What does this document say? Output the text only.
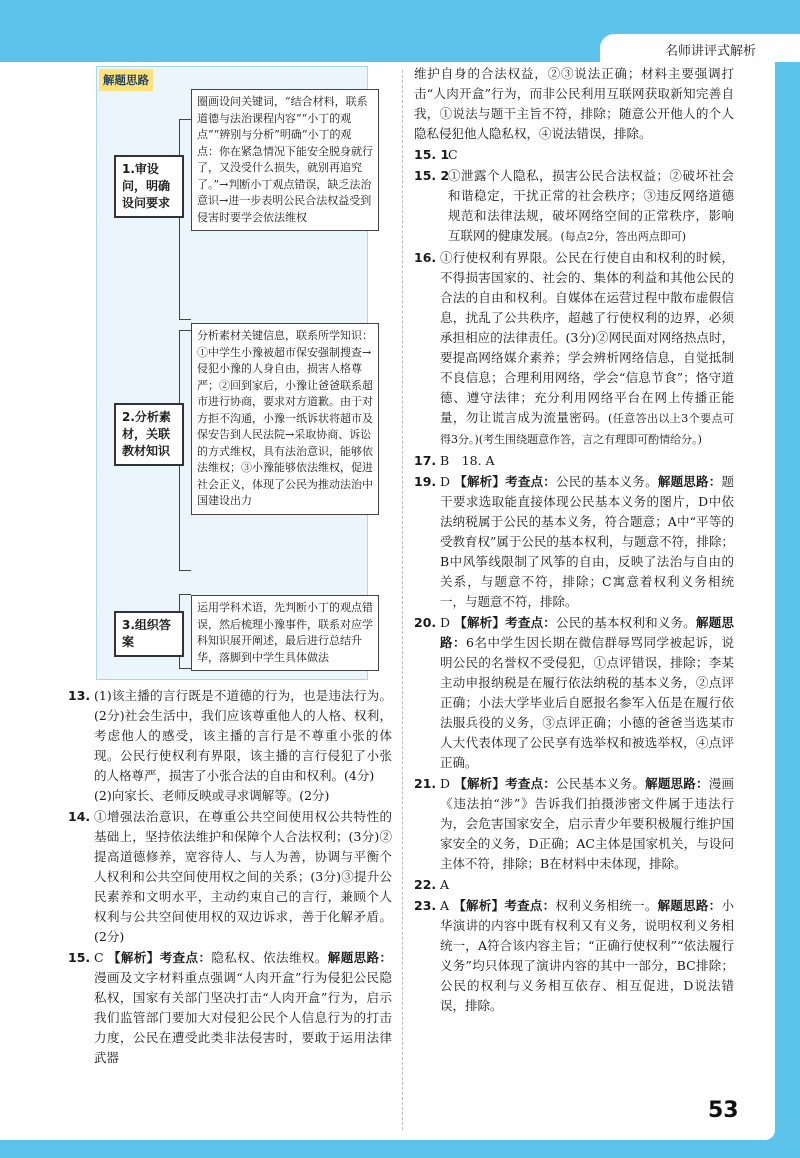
名师讲评式解析
解题思路
1.审设问，明确设问要求
圈画设问关键词，“结合材料，联系道德与法治课程内容”“小丁的观点”“辨别与分析”明确“小丁的观点：你在紧急情况下能安全脱身就行了，又没受什么损失，就别再追究了。”→判断小丁观点错误，缺乏法治意识→进一步表明公民合法权益受到侵害时要学会依法维权
2.分析素材，关联教材知识
分析素材关键信息，联系所学知识：①中学生小豫被超市保安强制搜查→侵犯小豫的人身自由，损害人格尊严；②回到家后，小豫让爸爸联系超市进行协商，要求对方道歉。由于对方拒不沟通，小豫一纸诉状将超市及保安告到人民法院→采取协商、诉讼的方式维权，具有法治意识，能够依法维权；③小豫能够依法维权，促进社会正义，体现了公民为推动法治中国建设出力
3.组织答案
运用学科术语，先判断小丁的观点错误，然后梳理小豫事件，联系对应学科知识展开阐述，最后进行总结升华，落脚到中学生具体做法
13. (1)该主播的言行既是不道德的行为，也是违法行为。(2分)社会生活中，我们应该尊重他人的人格、权利，考虑他人的感受，该主播的言行是不尊重小张的体现。公民行使权利有界限，该主播的言行侵犯了小张的人格尊严，损害了小张合法的自由和权利。(4分)
(2)向家长、老师反映或寻求调解等。(2分)
14. ①增强法治意识，在尊重公共空间使用权公共特性的基础上，坚持依法维护和保障个人合法权利；(3分)②提高道德修养，宽容待人、与人为善，协调与平衡个人权利和公共空间使用权之间的关系；(3分)③提升公民素养和文明水平，主动约束自己的言行，兼顾个人权利与公共空间使用权的双边诉求，善于化解矛盾。(2分)
15. C 【解析】考查点：隐私权、依法维权。解题思路：漫画及文字材料重点强调“人肉开盒”行为侵犯公民隐私权，国家有关部门坚决打击“人肉开盒”行为，启示我们监管部门要加大对侵犯公民个人信息行为的打击力度，公民在遭受此类非法侵害时，要敢于运用法律武器
维护自身的合法权益，②③说法正确；材料主要强调打击“人肉开盒”行为，而非公民利用互联网获取新知完善自我，①说法与题干主旨不符，排除；随意公开他人的个人隐私侵犯他人隐私权，④说法错误，排除。
15. 1
C
15. 2
①泄露个人隐私，损害公民合法权益；②破坏社会和谐稳定，干扰正常的社会秩序；③违反网络道德规范和法律法规，破坏网络空间的正常秩序，影响互联网的健康发展。(每点2分，答出两点即可)
16. ①行使权利有界限。公民在行使自由和权利的时候，不得损害国家的、社会的、集体的利益和其他公民的合法的自由和权利。自媒体在运营过程中散布虚假信息，扰乱了公共秩序，超越了行使权利的边界，必须承担相应的法律责任。(3分)②网民面对网络热点时，要提高网络媒介素养；学会辨析网络信息，自觉抵制不良信息；合理利用网络，学会“信息节食”；恪守道德、遵守法律；充分利用网络平台在网上传播正能量，勿让谎言成为流量密码。(任意答出以上3个要点可得3分。)(考生围绕题意作答，言之有理即可酌情给分。)
17. B　18. A
19. D 【解析】考查点：公民的基本义务。解题思路：题干要求选取能直接体现公民基本义务的图片，D中依法纳税属于公民的基本义务，符合题意；A中“平等的受教育权”属于公民的基本权利，与题意不符，排除；B中风筝线限制了风筝的自由，反映了法治与自由的关系，与题意不符，排除；C寓意着权利义务相统一，与题意不符，排除。
20. D 【解析】考查点：公民的基本权利和义务。解题思路：6名中学生因长期在微信群辱骂同学被起诉，说明公民的名誉权不受侵犯，①点评错误，排除；李某主动申报纳税是在履行依法纳税的基本义务，②点评正确；小法大学毕业后自愿报名参军入伍是在履行依法服兵役的义务，③点评正确；小德的爸爸当选某市人大代表体现了公民享有选举权和被选举权，④点评正确。
21. D 【解析】考查点：公民基本义务。解题思路：漫画《违法拍“涉”》告诉我们拍摄涉密文件属于违法行为，会危害国家安全，启示青少年要积极履行维护国家安全的义务，D正确；AC主体是国家机关，与设问主体不符，排除；B在材料中未体现，排除。
22. A
23. A 【解析】考查点：权利义务相统一。解题思路：小华演讲的内容中既有权利又有义务，说明权利义务相统一，A符合该内容主旨；“正确行使权利”“依法履行义务”均只体现了演讲内容的其中一部分，BC排除；公民的权利与义务相互依存、相互促进，D说法错误，排除。
53
